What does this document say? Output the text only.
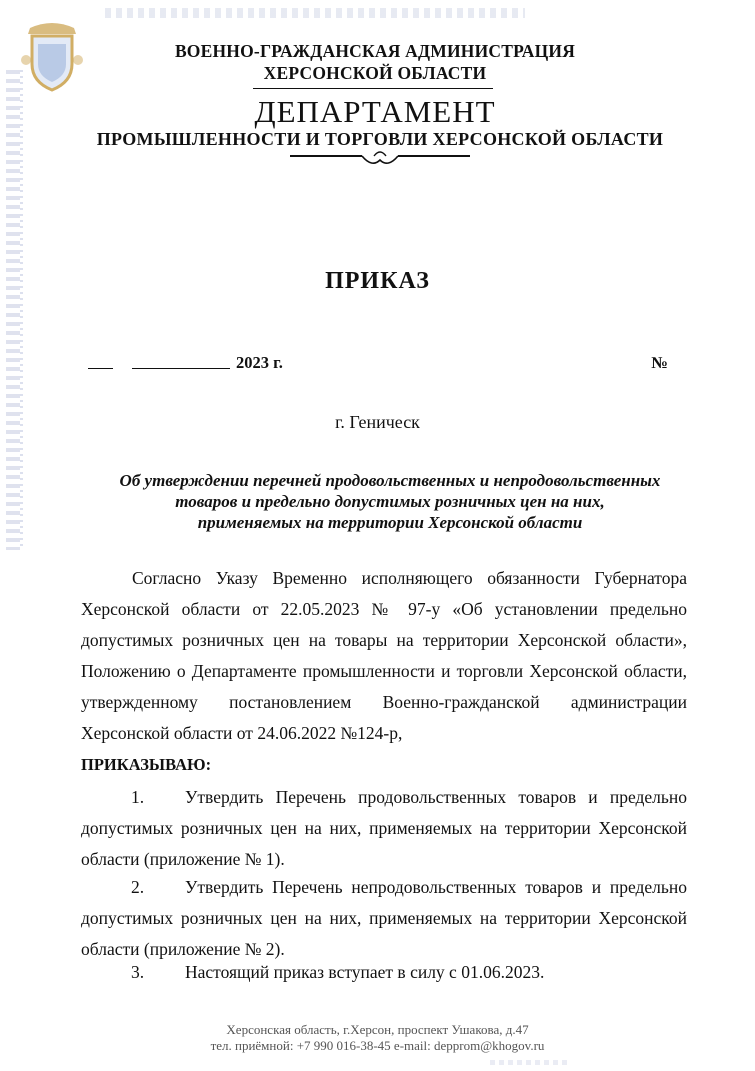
ВОЕННО-ГРАЖДАНСКАЯ АДМИНИСТРАЦИЯ
ХЕРСОНСКОЙ ОБЛАСТИ
ДЕПАРТАМЕНТ
ПРОМЫШЛЕННОСТИ И ТОРГОВЛИ ХЕРСОНСКОЙ ОБЛАСТИ
ПРИКАЗ
2023 г.	№
г. Геническ
Об утверждении перечней продовольственных и непродовольственных
товаров и предельно допустимых розничных цен на них,
применяемых на территории Херсонской области
Согласно Указу Временно исполняющего обязанности Губернатора Херсонской области от 22.05.2023 № 97-у «Об установлении предельно допустимых розничных цен на товары на территории Херсонской области», Положению о Департаменте промышленности и торговли Херсонской области, утвержденному постановлением Военно-гражданской администрации Херсонской области от 24.06.2022 №124-р,
ПРИКАЗЫВАЮ:
1. Утвердить Перечень продовольственных товаров и предельно допустимых розничных цен на них, применяемых на территории Херсонской области (приложение № 1).
2. Утвердить Перечень непродовольственных товаров и предельно допустимых розничных цен на них, применяемых на территории Херсонской области (приложение № 2).
3. Настоящий приказ вступает в силу с 01.06.2023.
Херсонская область, г.Херсон, проспект Ушакова, д.47
тел. приёмной: +7 990 016-38-45 e-mail: depprom@khogov.ru
